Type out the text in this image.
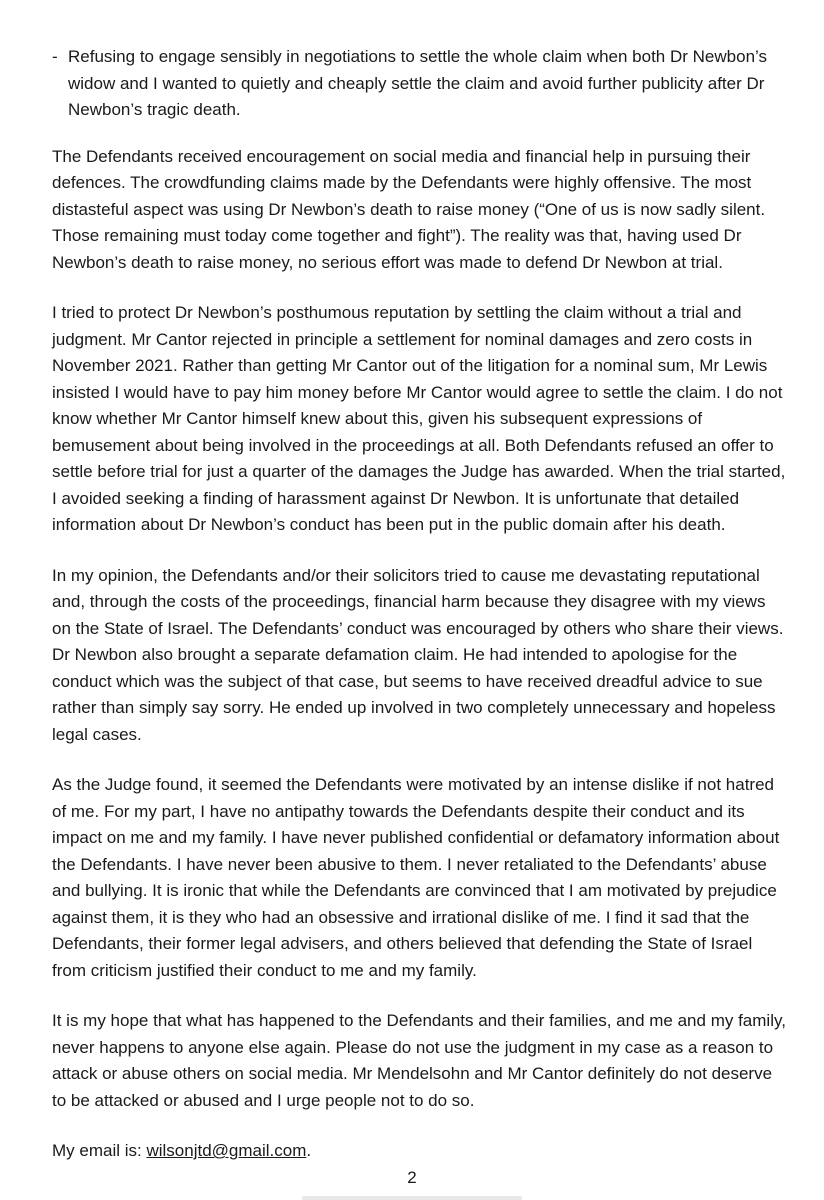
- Refusing to engage sensibly in negotiations to settle the whole claim when both Dr Newbon’s widow and I wanted to quietly and cheaply settle the claim and avoid further publicity after Dr Newbon’s tragic death.

The Defendants received encouragement on social media and financial help in pursuing their defences. The crowdfunding claims made by the Defendants were highly offensive. The most distasteful aspect was using Dr Newbon’s death to raise money (“One of us is now sadly silent. Those remaining must today come together and fight”). The reality was that, having used Dr Newbon’s death to raise money, no serious effort was made to defend Dr Newbon at trial.

I tried to protect Dr Newbon’s posthumous reputation by settling the claim without a trial and judgment. Mr Cantor rejected in principle a settlement for nominal damages and zero costs in November 2021. Rather than getting Mr Cantor out of the litigation for a nominal sum, Mr Lewis insisted I would have to pay him money before Mr Cantor would agree to settle the claim. I do not know whether Mr Cantor himself knew about this, given his subsequent expressions of bemusement about being involved in the proceedings at all. Both Defendants refused an offer to settle before trial for just a quarter of the damages the Judge has awarded. When the trial started, I avoided seeking a finding of harassment against Dr Newbon. It is unfortunate that detailed information about Dr Newbon’s conduct has been put in the public domain after his death.

In my opinion, the Defendants and/or their solicitors tried to cause me devastating reputational and, through the costs of the proceedings, financial harm because they disagree with my views on the State of Israel. The Defendants’ conduct was encouraged by others who share their views. Dr Newbon also brought a separate defamation claim. He had intended to apologise for the conduct which was the subject of that case, but seems to have received dreadful advice to sue rather than simply say sorry. He ended up involved in two completely unnecessary and hopeless legal cases.

As the Judge found, it seemed the Defendants were motivated by an intense dislike if not hatred of me. For my part, I have no antipathy towards the Defendants despite their conduct and its impact on me and my family. I have never published confidential or defamatory information about the Defendants. I have never been abusive to them. I never retaliated to the Defendants’ abuse and bullying. It is ironic that while the Defendants are convinced that I am motivated by prejudice against them, it is they who had an obsessive and irrational dislike of me. I find it sad that the Defendants, their former legal advisers, and others believed that defending the State of Israel from criticism justified their conduct to me and my family.

It is my hope that what has happened to the Defendants and their families, and me and my family, never happens to anyone else again. Please do not use the judgment in my case as a reason to attack or abuse others on social media. Mr Mendelsohn and Mr Cantor definitely do not deserve to be attacked or abused and I urge people not to do so.

My email is: wilsonjtd@gmail.com.

2
